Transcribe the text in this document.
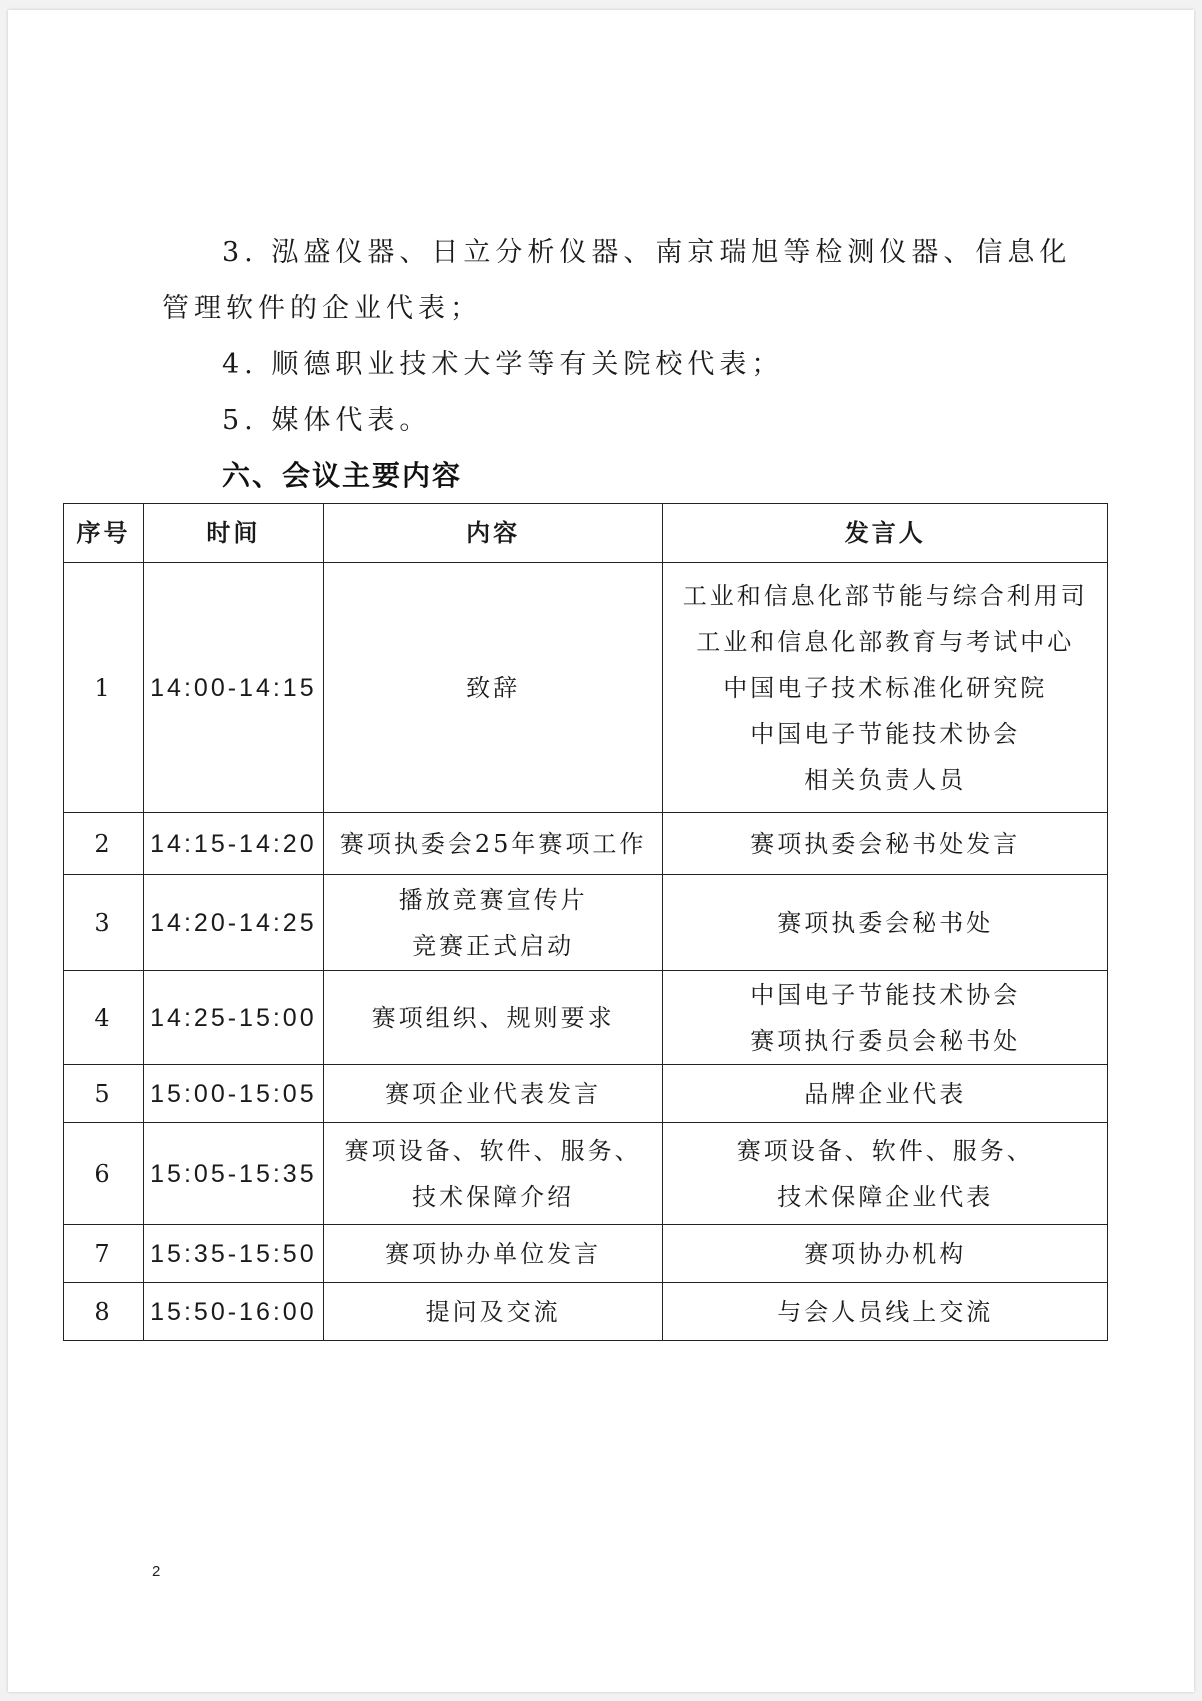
3. 泓盛仪器、日立分析仪器、南京瑞旭等检测仪器、信息化

管理软件的企业代表；

4. 顺德职业技术大学等有关院校代表；

5. 媒体代表。

六、会议主要内容

序号	时间	内容	发言人
1	14:00-14:15	致辞	工业和信息化部节能与综合利用司
工业和信息化部教育与考试中心
中国电子技术标准化研究院
中国电子节能技术协会
相关负责人员

2	14:15-14:20	赛项执委会25年赛项工作	赛项执委会秘书处发言

3	14:20-14:25	播放竞赛宣传片
竞赛正式启动	赛项执委会秘书处

4	14:25-15:00	赛项组织、规则要求	中国电子节能技术协会
赛项执行委员会秘书处

5	15:00-15:05	赛项企业代表发言	品牌企业代表

6	15:05-15:35	赛项设备、软件、服务、
技术保障介绍	赛项设备、软件、服务、
技术保障企业代表

7	15:35-15:50	赛项协办单位发言	赛项协办机构

8	15:50-16:00	提问及交流	与会人员线上交流
2
